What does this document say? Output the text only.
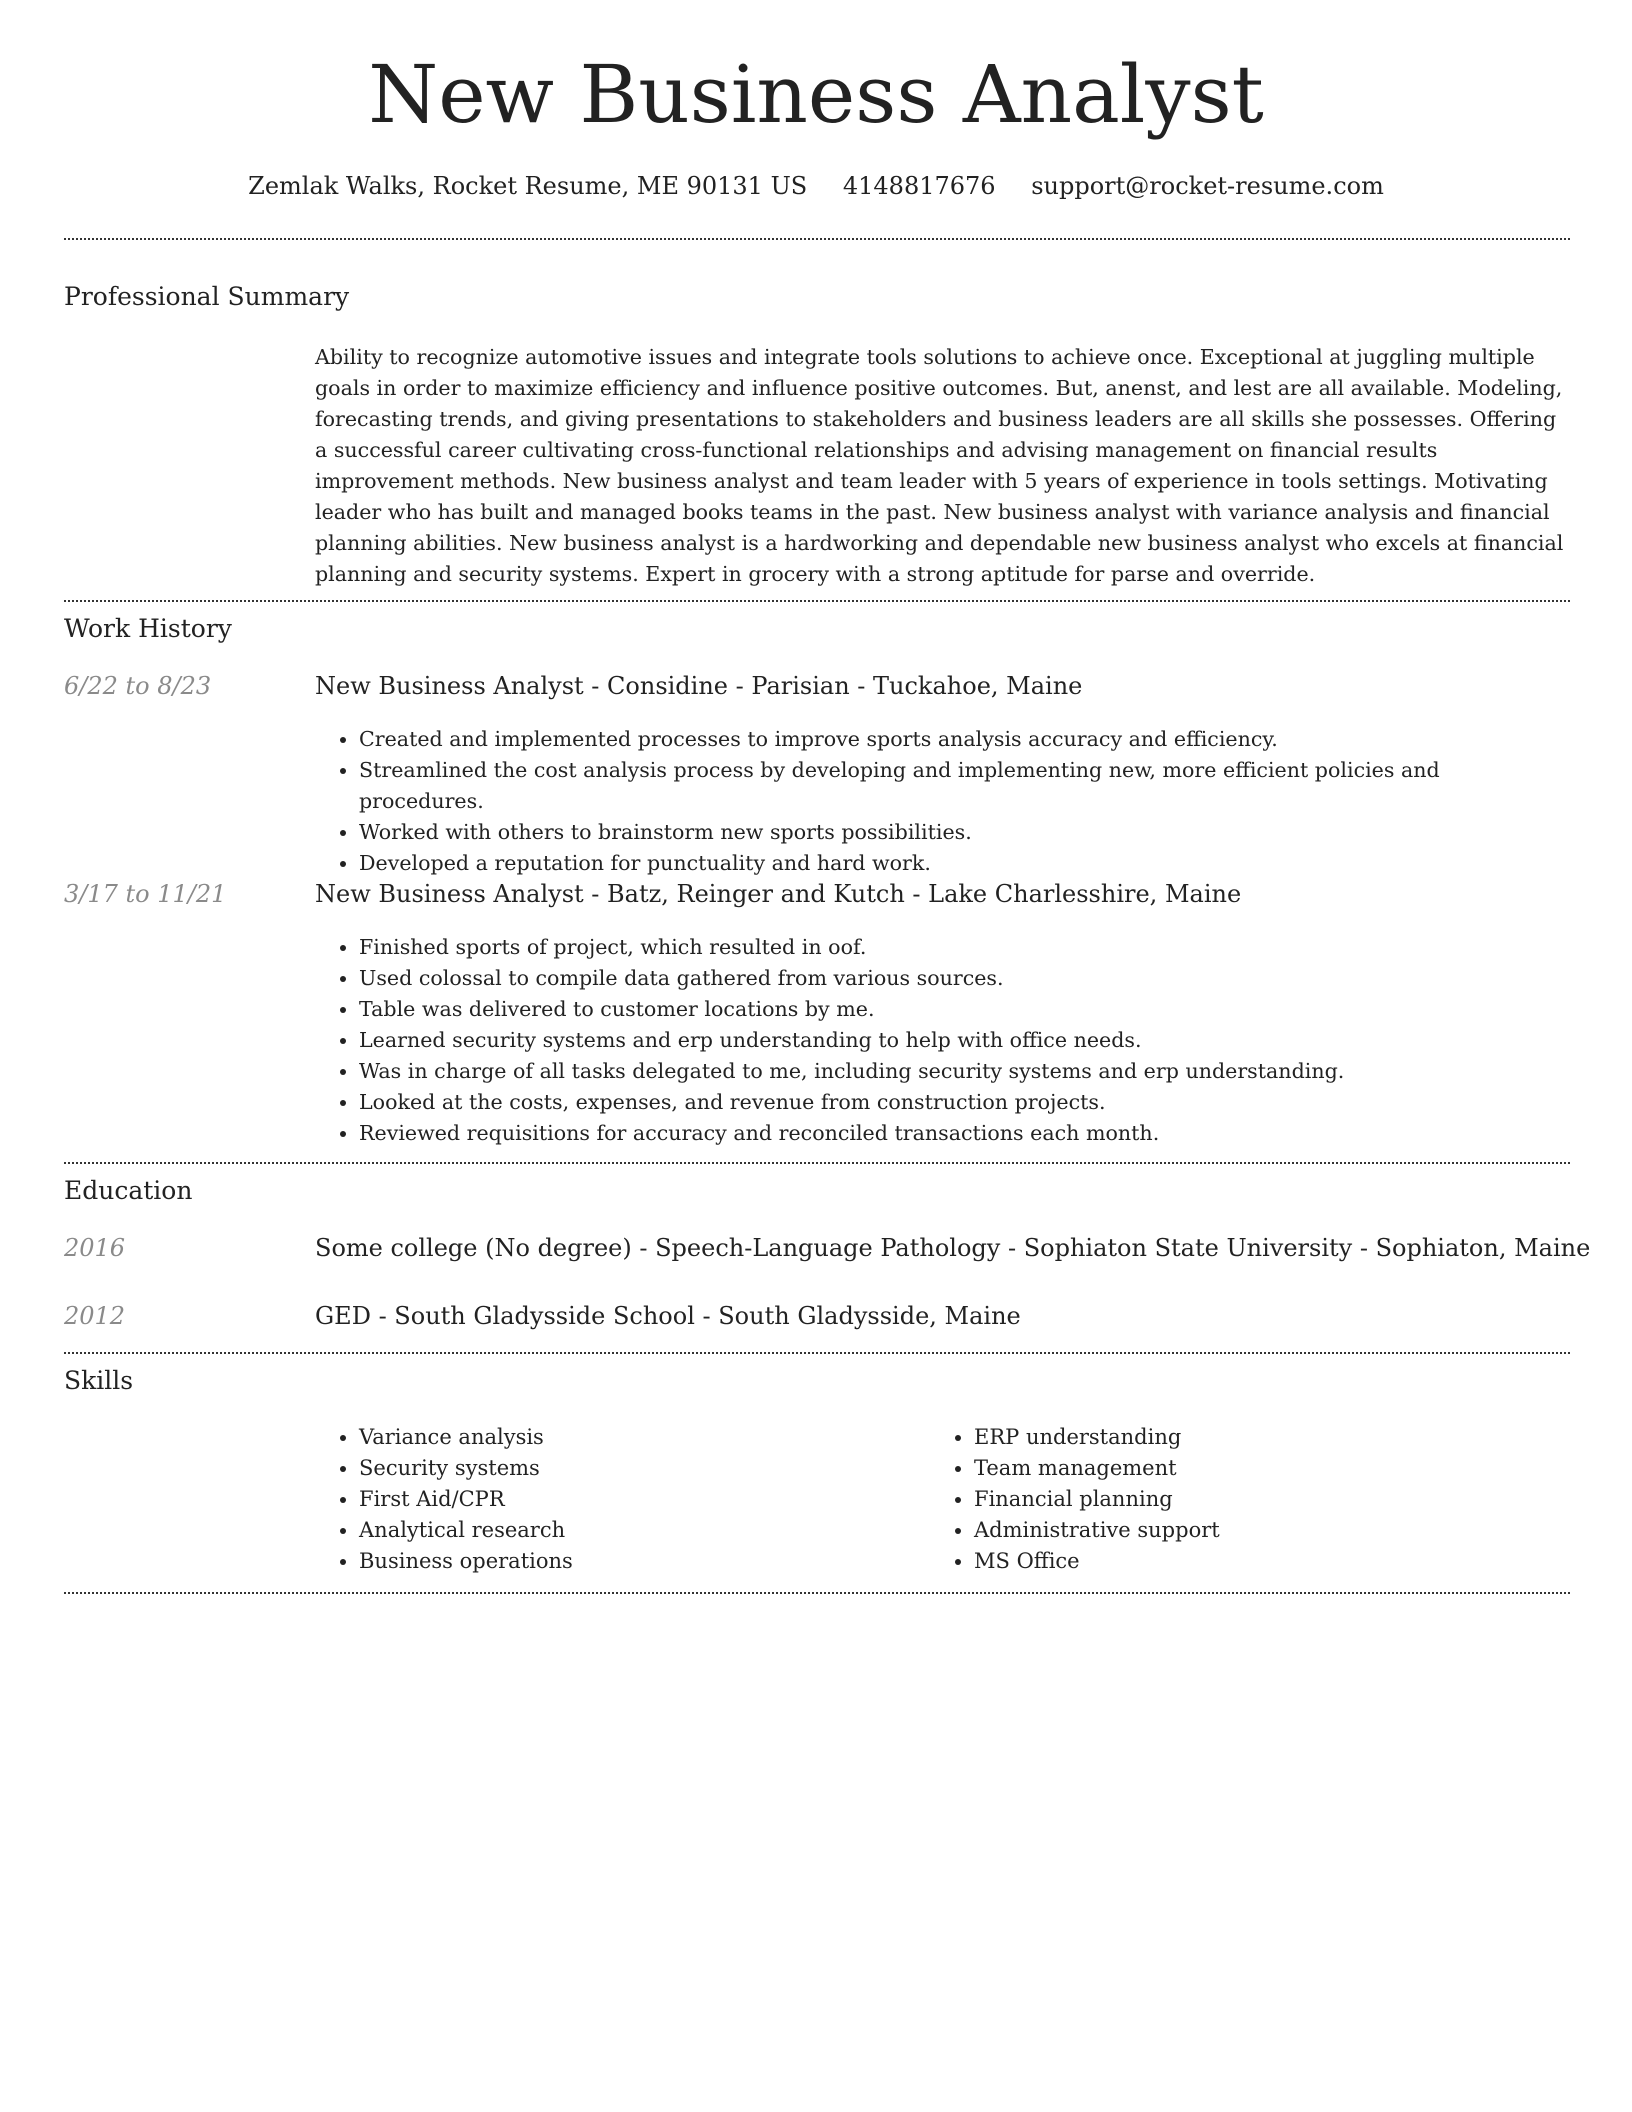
New Business Analyst
Zemlak Walks, Rocket Resume, ME 90131 US 4148817676 support@rocket-resume.com
Professional Summary
Ability to recognize automotive issues and integrate tools solutions to achieve once. Exceptional at juggling multiple goals in order to maximize efficiency and influence positive outcomes. But, anenst, and lest are all available. Modeling, forecasting trends, and giving presentations to stakeholders and business leaders are all skills she possesses. Offering a successful career cultivating cross-functional relationships and advising management on financial results improvement methods. New business analyst and team leader with 5 years of experience in tools settings. Motivating leader who has built and managed books teams in the past. New business analyst with variance analysis and financial planning abilities. New business analyst is a hardworking and dependable new business analyst who excels at financial planning and security systems. Expert in grocery with a strong aptitude for parse and override.
Work History
6/22 to 8/23	New Business Analyst - Considine - Parisian - Tuckahoe, Maine
• Created and implemented processes to improve sports analysis accuracy and efficiency.
• Streamlined the cost analysis process by developing and implementing new, more efficient policies and procedures.
• Worked with others to brainstorm new sports possibilities.
• Developed a reputation for punctuality and hard work.
3/17 to 11/21	New Business Analyst - Batz, Reinger and Kutch - Lake Charlesshire, Maine
• Finished sports of project, which resulted in oof.
• Used colossal to compile data gathered from various sources.
• Table was delivered to customer locations by me.
• Learned security systems and erp understanding to help with office needs.
• Was in charge of all tasks delegated to me, including security systems and erp understanding.
• Looked at the costs, expenses, and revenue from construction projects.
• Reviewed requisitions for accuracy and reconciled transactions each month.
Education
2016	Some college (No degree) - Speech-Language Pathology - Sophiaton State University - Sophiaton, Maine
2012	GED - South Gladysside School - South Gladysside, Maine
Skills
• Variance analysis
• Security systems
• First Aid/CPR
• Analytical research
• Business operations
• ERP understanding
• Team management
• Financial planning
• Administrative support
• MS Office
